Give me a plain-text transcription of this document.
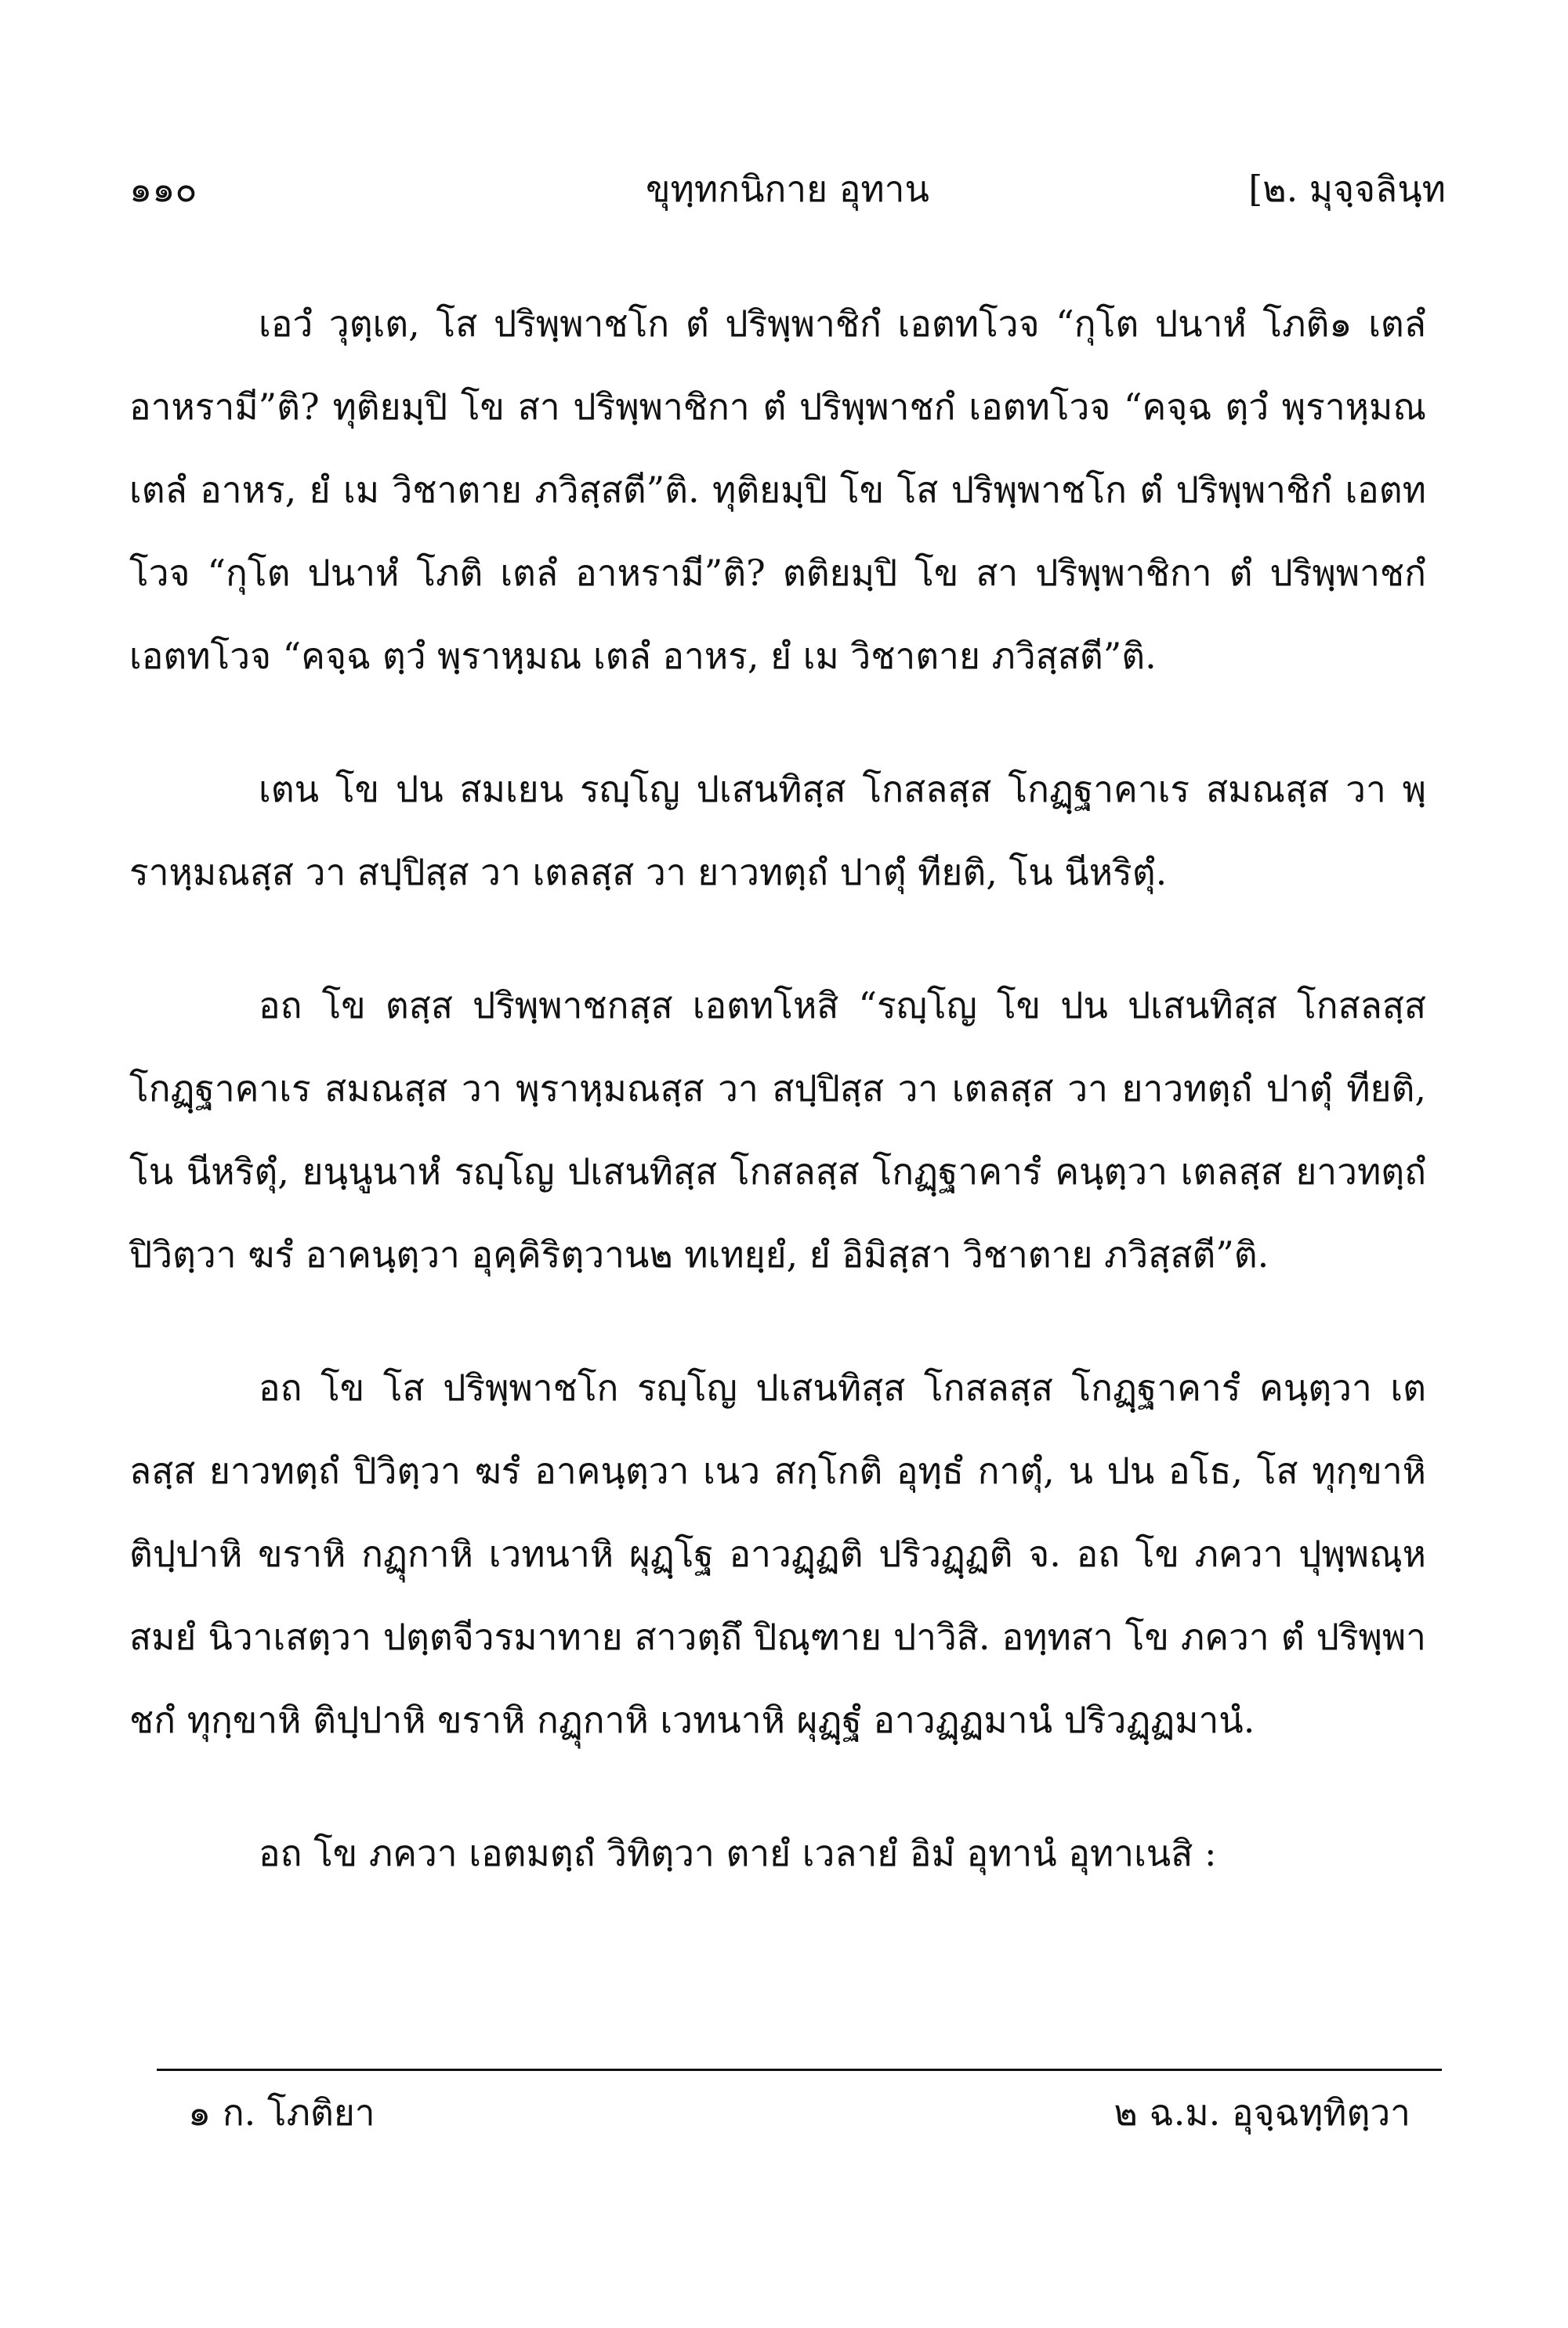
๑๑๐	ขุทฺทกนิกาย อุทาน	[๒. มุจฺจลินฺท

เอวํ วุตฺเต, โส ปริพฺพาชโก ตํ ปริพฺพาชิกํ เอตทโวจ “กุโต ปนาหํ โภติ๑ เตลํ อาหรามี”ติ? ทุติยมฺปิ โข สา ปริพฺพาชิกา ตํ ปริพฺพาชกํ เอตทโวจ “คจฺฉ ตฺวํ พฺราหฺมณ เตลํ อาหร, ยํ เม วิชาตาย ภวิสฺสตี”ติ. ทุติยมฺปิ โข โส ปริพฺพาชโก ตํ ปริพฺพาชิกํ เอตทโวจ “กุโต ปนาหํ โภติ เตลํ อาหรามี”ติ? ตติยมฺปิ โข สา ปริพฺพาชิกา ตํ ปริพฺพาชกํ เอตทโวจ “คจฺฉ ตฺวํ พฺราหฺมณ เตลํ อาหร, ยํ เม วิชาตาย ภวิสฺสตี”ติ.

เตน โข ปน สมเยน รญฺโญ ปเสนทิสฺส โกสลสฺส โกฏฺฐาคาเร สมณสฺส วา พฺราหฺมณสฺส วา สปฺปิสฺส วา เตลสฺส วา ยาวทตฺถํ ปาตุํ ทียติ, โน นีหริตุํ.

อถ โข ตสฺส ปริพฺพาชกสฺส เอตทโหสิ “รญฺโญ โข ปน ปเสนทิสฺส โกสลสฺส โกฏฺฐาคาเร สมณสฺส วา พฺราหฺมณสฺส วา สปฺปิสฺส วา เตลสฺส วา ยาวทตฺถํ ปาตุํ ทียติ, โน นีหริตุํ, ยนฺนูนาหํ รญฺโญ ปเสนทิสฺส โกสลสฺส โกฏฺฐาคารํ คนฺตฺวา เตลสฺส ยาวทตฺถํ ปิวิตฺวา ฆรํ อาคนฺตฺวา อุคฺคิริตฺวาน๒ ทเทยฺยํ, ยํ อิมิสฺสา วิชาตาย ภวิสฺสตี”ติ.

อถ โข โส ปริพฺพาชโก รญฺโญ ปเสนทิสฺส โกสลสฺส โกฏฺฐาคารํ คนฺตฺวา เตลสฺส ยาวทตฺถํ ปิวิตฺวา ฆรํ อาคนฺตฺวา เนว สกฺโกติ อุทฺธํ กาตุํ, น ปน อโธ, โส ทุกฺขาหิ ติปฺปาหิ ขราหิ กฏุกาหิ เวทนาหิ ผุฏฺโฐ อาวฏฺฏติ ปริวฏฺฏติ จ. อถ โข ภควา ปุพฺพณฺหสมยํ นิวาเสตฺวา ปตฺตจีวรมาทาย สาวตฺถึ ปิณฺฑาย ปาวิสิ. อทฺทสา โข ภควา ตํ ปริพฺพาชกํ ทุกฺขาหิ ติปฺปาหิ ขราหิ กฏุกาหิ เวทนาหิ ผุฏฺฐํ อาวฏฺฏมานํ ปริวฏฺฏมานํ.

อถ โข ภควา เอตมตฺถํ วิทิตฺวา ตายํ เวลายํ อิมํ อุทานํ อุทาเนสิ :

๑ ก. โภติยา	๒ ฉ.ม. อุจฺฉทฺทิตฺวา
